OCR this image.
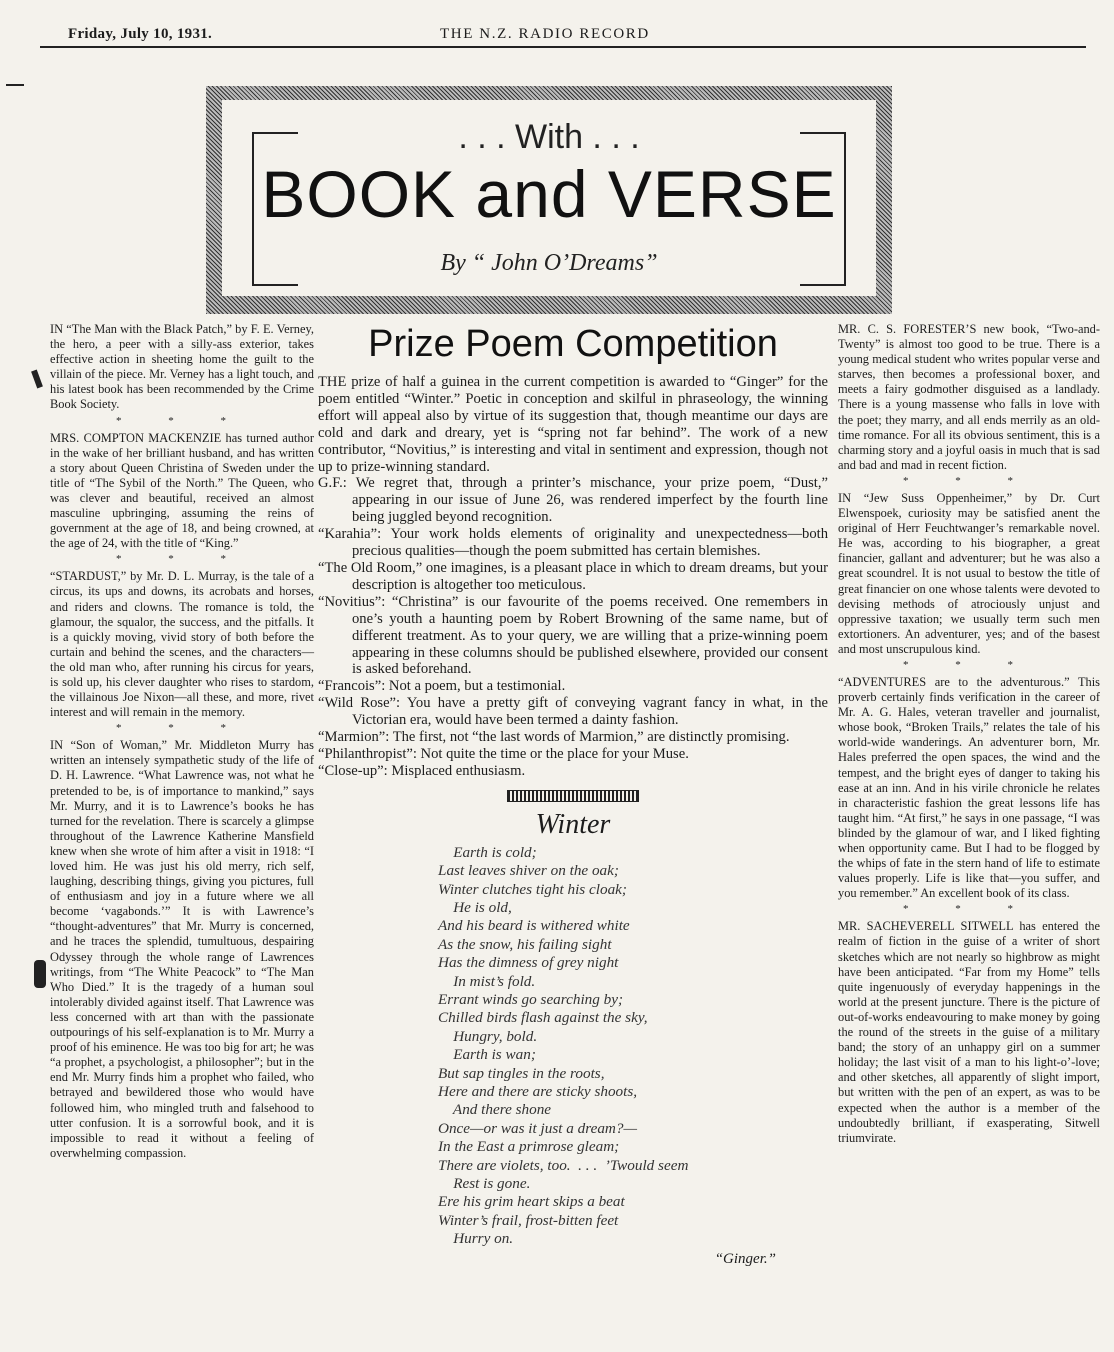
Friday, July 10, 1931.	THE N.Z. RADIO RECORD
. . . With . . .
BOOK and VERSE
By “ John O’Dreams”

IN “The Man with the Black Patch,” by F. E. Verney, the hero, a peer with a silly-ass exterior, takes effective action in sheeting home the guilt to the villain of the piece. Mr. Verney has a light touch, and his latest book has been recommended by the Crime Book Society.

* * *

MRS. COMPTON MACKENZIE has turned author in the wake of her brilliant husband, and has written a story about Queen Christina of Sweden under the title of “The Sybil of the North.” The Queen, who was clever and beautiful, received an almost masculine upbringing, assuming the reins of government at the age of 18, and being crowned, at the age of 24, with the title of “King.”

* * *

“STARDUST,” by Mr. D. L. Murray, is the tale of a circus, its ups and downs, its acrobats and horses, and riders and clowns. The romance is told, the glamour, the squalor, the success, and the pitfalls. It is a quickly moving, vivid story of both before the curtain and behind the scenes, and the characters—the old man who, after running his circus for years, is sold up, his clever daughter who rises to stardom, the villainous Joe Nixon—all these, and more, rivet interest and will remain in the memory.

* * *

IN “Son of Woman,” Mr. Middleton Murry has written an intensely sympathetic study of the life of D. H. Lawrence. “What Lawrence was, not what he pretended to be, is of importance to mankind,” says Mr. Murry, and it is to Lawrence’s books he has turned for the revelation. There is scarcely a glimpse throughout of the Lawrence Katherine Mansfield knew when she wrote of him after a visit in 1918: “I loved him. He was just his old merry, rich self, laughing, describing things, giving you pictures, full of enthusiasm and joy in a future where we all become ‘vagabonds.’” It is with Lawrence’s “thought-adventures” that Mr. Murry is concerned, and he traces the splendid, tumultuous, despairing Odyssey through the whole range of Lawrences writings, from “The White Peacock” to “The Man Who Died.” It is the tragedy of a human soul intolerably divided against itself. That Lawrence was less concerned with art than with the passionate outpourings of his self-explanation is to Mr. Murry a proof of his eminence. He was too big for art; he was “a prophet, a psychologist, a philosopher”; but in the end Mr. Murry finds him a prophet who failed, who betrayed and bewildered those who would have followed him, who mingled truth and falsehood to utter confusion. It is a sorrowful book, and it is impossible to read it without a feeling of overwhelming compassion.

Prize Poem Competition

THE prize of half a guinea in the current competition is awarded to “Ginger” for the poem entitled “Winter.” Poetic in conception and skilful in phraseology, the winning effort will appeal also by virtue of its suggestion that, though meantime our days are cold and dark and dreary, yet is “spring not far behind”. The work of a new contributor, “Novitius,” is interesting and vital in sentiment and expression, though not up to prize-winning standard.

G.F.: We regret that, through a printer’s mischance, your prize poem, “Dust,” appearing in our issue of June 26, was rendered imperfect by the fourth line being juggled beyond recognition.

“Karahia”: Your work holds elements of originality and unexpectedness—both precious qualities—though the poem submitted has certain blemishes.

“The Old Room,” one imagines, is a pleasant place in which to dream dreams, but your description is altogether too meticulous.

“Novitius”: “Christina” is our favourite of the poems received. One remembers in one’s youth a haunting poem by Robert Browning of the same name, but of different treatment. As to your query, we are willing that a prize-winning poem appearing in these columns should be published elsewhere, provided our consent is asked beforehand.

“Francois”: Not a poem, but a testimonial.

“Wild Rose”: You have a pretty gift of conveying vagrant fancy in what, in the Victorian era, would have been termed a dainty fashion.

“Marmion”: The first, not “the last words of Marmion,” are distinctly promising.

“Philanthropist”: Not quite the time or the place for your Muse.

“Close-up”: Misplaced enthusiasm.

Winter
Earth is cold;
Last leaves shiver on the oak;
Winter clutches tight his cloak;
He is old,
And his beard is withered white
As the snow, his failing sight
Has the dimness of grey night
In mist’s fold.
Errant winds go searching by;
Chilled birds flash against the sky,
Hungry, bold.
Earth is wan;
But sap tingles in the roots,
Here and there are sticky shoots,
And there shone
Once—or was it just a dream?—
In the East a primrose gleam;
There are violets, too.  . . .  ’Twould seem
Rest is gone.
Ere his grim heart skips a beat
Winter’s frail, frost-bitten feet
Hurry on.
“Ginger.”

MR. C. S. FORESTER’S new book, “Two-and-Twenty” is almost too good to be true. There is a young medical student who writes popular verse and starves, then becomes a professional boxer, and meets a fairy godmother disguised as a landlady. There is a young massense who falls in love with the poet; they marry, and all ends merrily as an old-time romance. For all its obvious sentiment, this is a charming story and a joyful oasis in much that is sad and bad and mad in recent fiction.

* * *

IN “Jew Suss Oppenheimer,” by Dr. Curt Elwenspoek, curiosity may be satisfied anent the original of Herr Feuchtwanger’s remarkable novel. He was, according to his biographer, a great financier, gallant and adventurer; but he was also a great scoundrel. It is not usual to bestow the title of great financier on one whose talents were devoted to devising methods of atrociously unjust and oppressive taxation; we usually term such men extortioners. An adventurer, yes; and of the basest and most unscrupulous kind.

* * *

“ADVENTURES are to the adventurous.” This proverb certainly finds verification in the career of Mr. A. G. Hales, veteran traveller and journalist, whose book, “Broken Trails,” relates the tale of his world-wide wanderings. An adventurer born, Mr. Hales preferred the open spaces, the wind and the tempest, and the bright eyes of danger to taking his ease at an inn. And in his virile chronicle he relates in characteristic fashion the great lessons life has taught him. “At first,” he says in one passage, “I was blinded by the glamour of war, and I liked fighting when opportunity came. But I had to be flogged by the whips of fate in the stern hand of life to estimate values properly. Life is like that—you suffer, and you remember.” An excellent book of its class.

* * *

MR. SACHEVERELL SITWELL has entered the realm of fiction in the guise of a writer of short sketches which are not nearly so highbrow as might have been anticipated. “Far from my Home” tells quite ingenuously of everyday happenings in the world at the present juncture. There is the picture of out-of-works endeavouring to make money by going the round of the streets in the guise of a military band; the story of an unhappy girl on a summer holiday; the last visit of a man to his light-o’-love; and other sketches, all apparently of slight import, but written with the pen of an expert, as was to be expected when the author is a member of the undoubtedly brilliant, if exasperating, Sitwell triumvirate.
